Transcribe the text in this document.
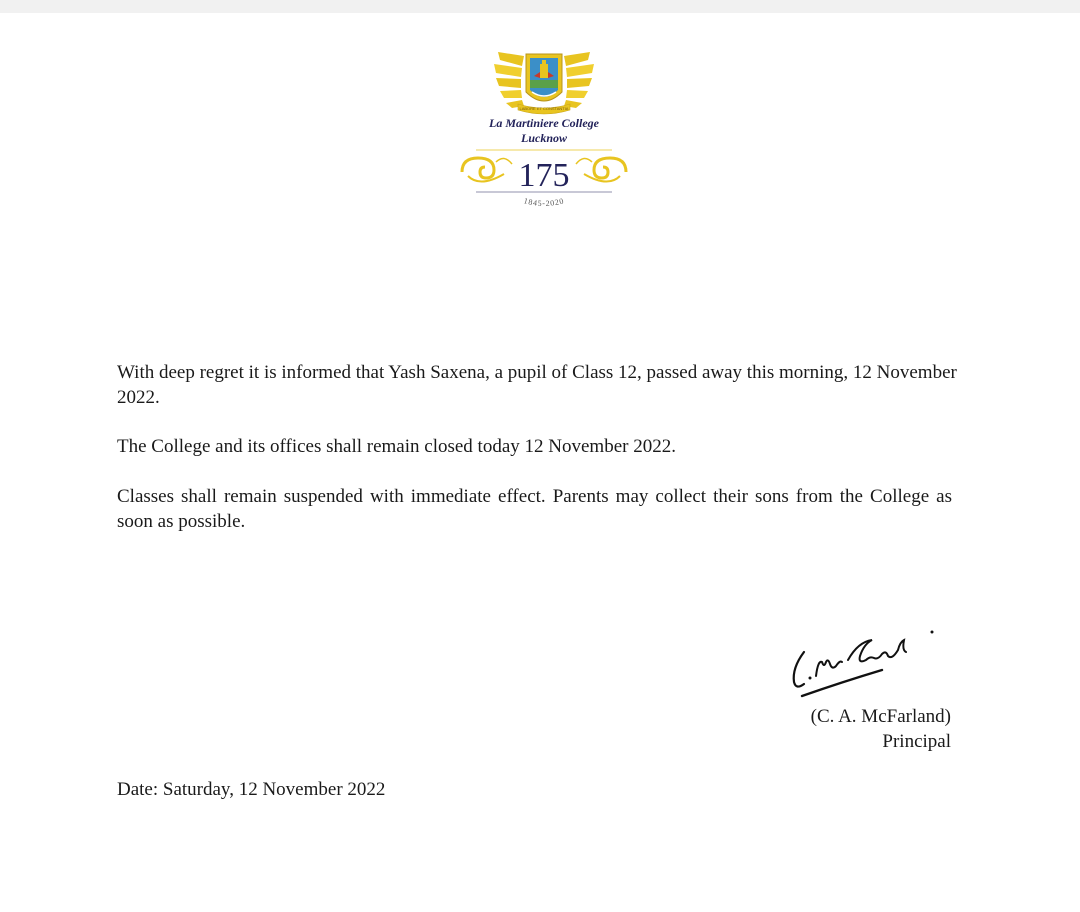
LABORE ET CONSTANTIA
La Martiniere College
Lucknow
175
1845-2020

With deep regret it is informed that Yash Saxena, a pupil of Class 12, passed away this morning, 12 November 2022.

The College and its offices shall remain closed today 12 November 2022.

Classes shall remain suspended with immediate effect. Parents may collect their sons from the College as soon as possible.

(C. A. McFarland)
Principal
Date: Saturday, 12 November 2022
